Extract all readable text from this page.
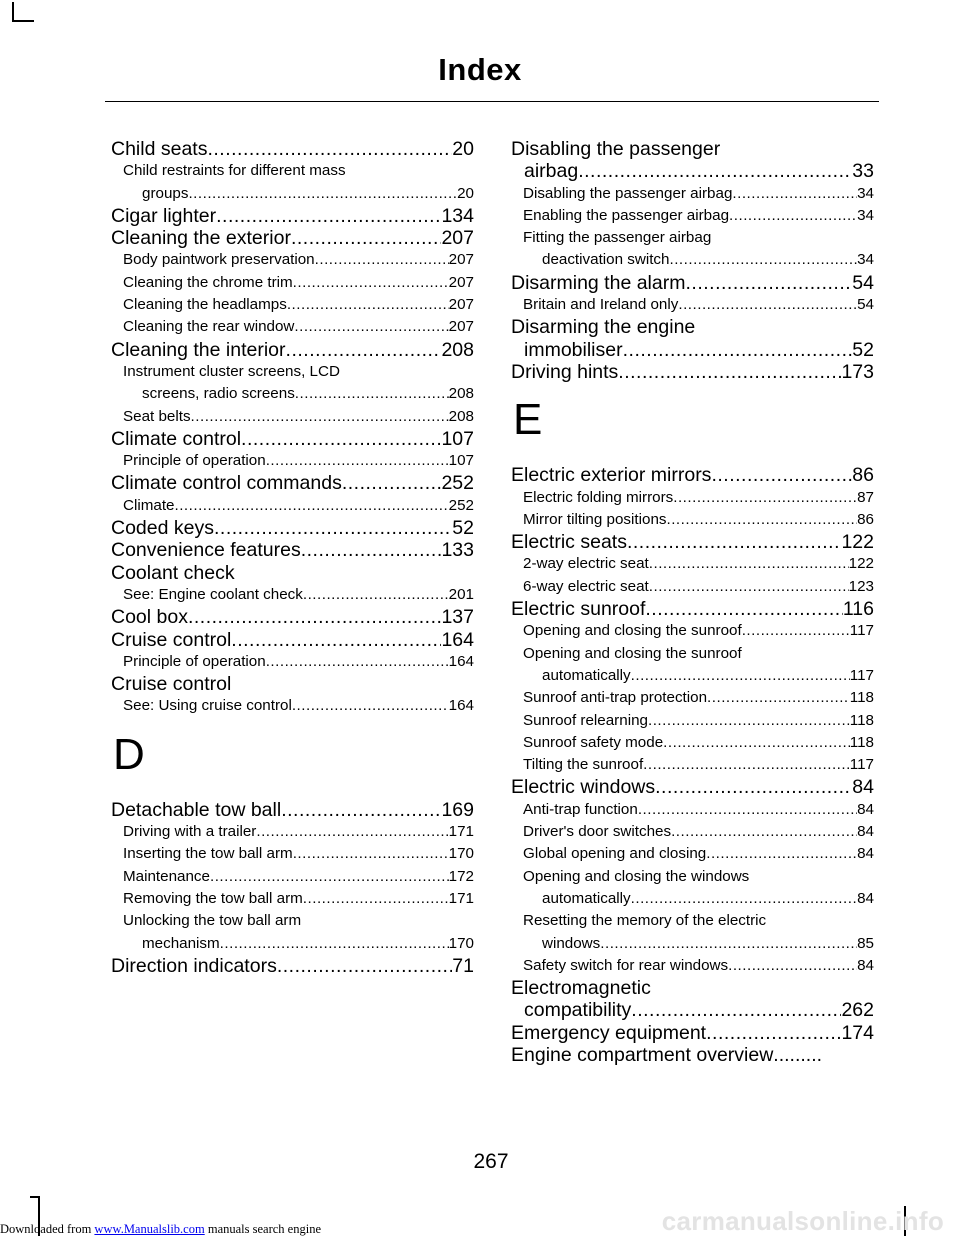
Index
Child seats .....	20
Child restraints for different mass
groups .....	20
Cigar lighter .....	134
Cleaning the exterior .....	207
Body paintwork preservation .....	207
Cleaning the chrome trim .....	207
Cleaning the headlamps .....	207
Cleaning the rear window .....	207
Cleaning the interior .....	208
Instrument cluster screens, LCD
screens, radio screens .....	208
Seat belts .....	208
Climate control .....	107
Principle of operation .....	107
Climate control commands .....	252
Climate .....	252
Coded keys .....	52
Convenience features .....	133
Coolant check
See: Engine coolant check .....	201
Cool box .....	137
Cruise control .....	164
Principle of operation .....	164
Cruise control
See: Using cruise control .....	164
D
Detachable tow ball .....	169
Driving with a trailer .....	171
Inserting the tow ball arm .....	170
Maintenance .....	172
Removing the tow ball arm .....	171
Unlocking the tow ball arm
mechanism .....	170
Direction indicators .....	71
Disabling the passenger
airbag .....	33
Disabling the passenger airbag .....	34
Enabling the passenger airbag .....	34
Fitting the passenger airbag
deactivation switch .....	34
Disarming the alarm .....	54
Britain and Ireland only .....	54
Disarming the engine
immobiliser .....	52
Driving hints .....	173
E
Electric exterior mirrors .....	86
Electric folding mirrors .....	87
Mirror tilting positions .....	86
Electric seats .....	122
2-way electric seat .....	122
6-way electric seat .....	123
Electric sunroof .....	116
Opening and closing the sunroof .....	117
Opening and closing the sunroof
automatically .....	117
Sunroof anti-trap protection .....	118
Sunroof relearning .....	118
Sunroof safety mode .....	118
Tilting the sunroof .....	117
Electric windows .....	84
Anti-trap function .....	84
Driver's door switches .....	84
Global opening and closing .....	84
Opening and closing the windows
automatically .....	84
Resetting the memory of the electric
windows .....	85
Safety switch for rear windows .....	84
Electromagnetic
compatibility .....	262
Emergency equipment .....	174
Engine compartment overview .........
267
Downloaded from www.Manualslib.com manuals search engine	carmanualsonline.info
